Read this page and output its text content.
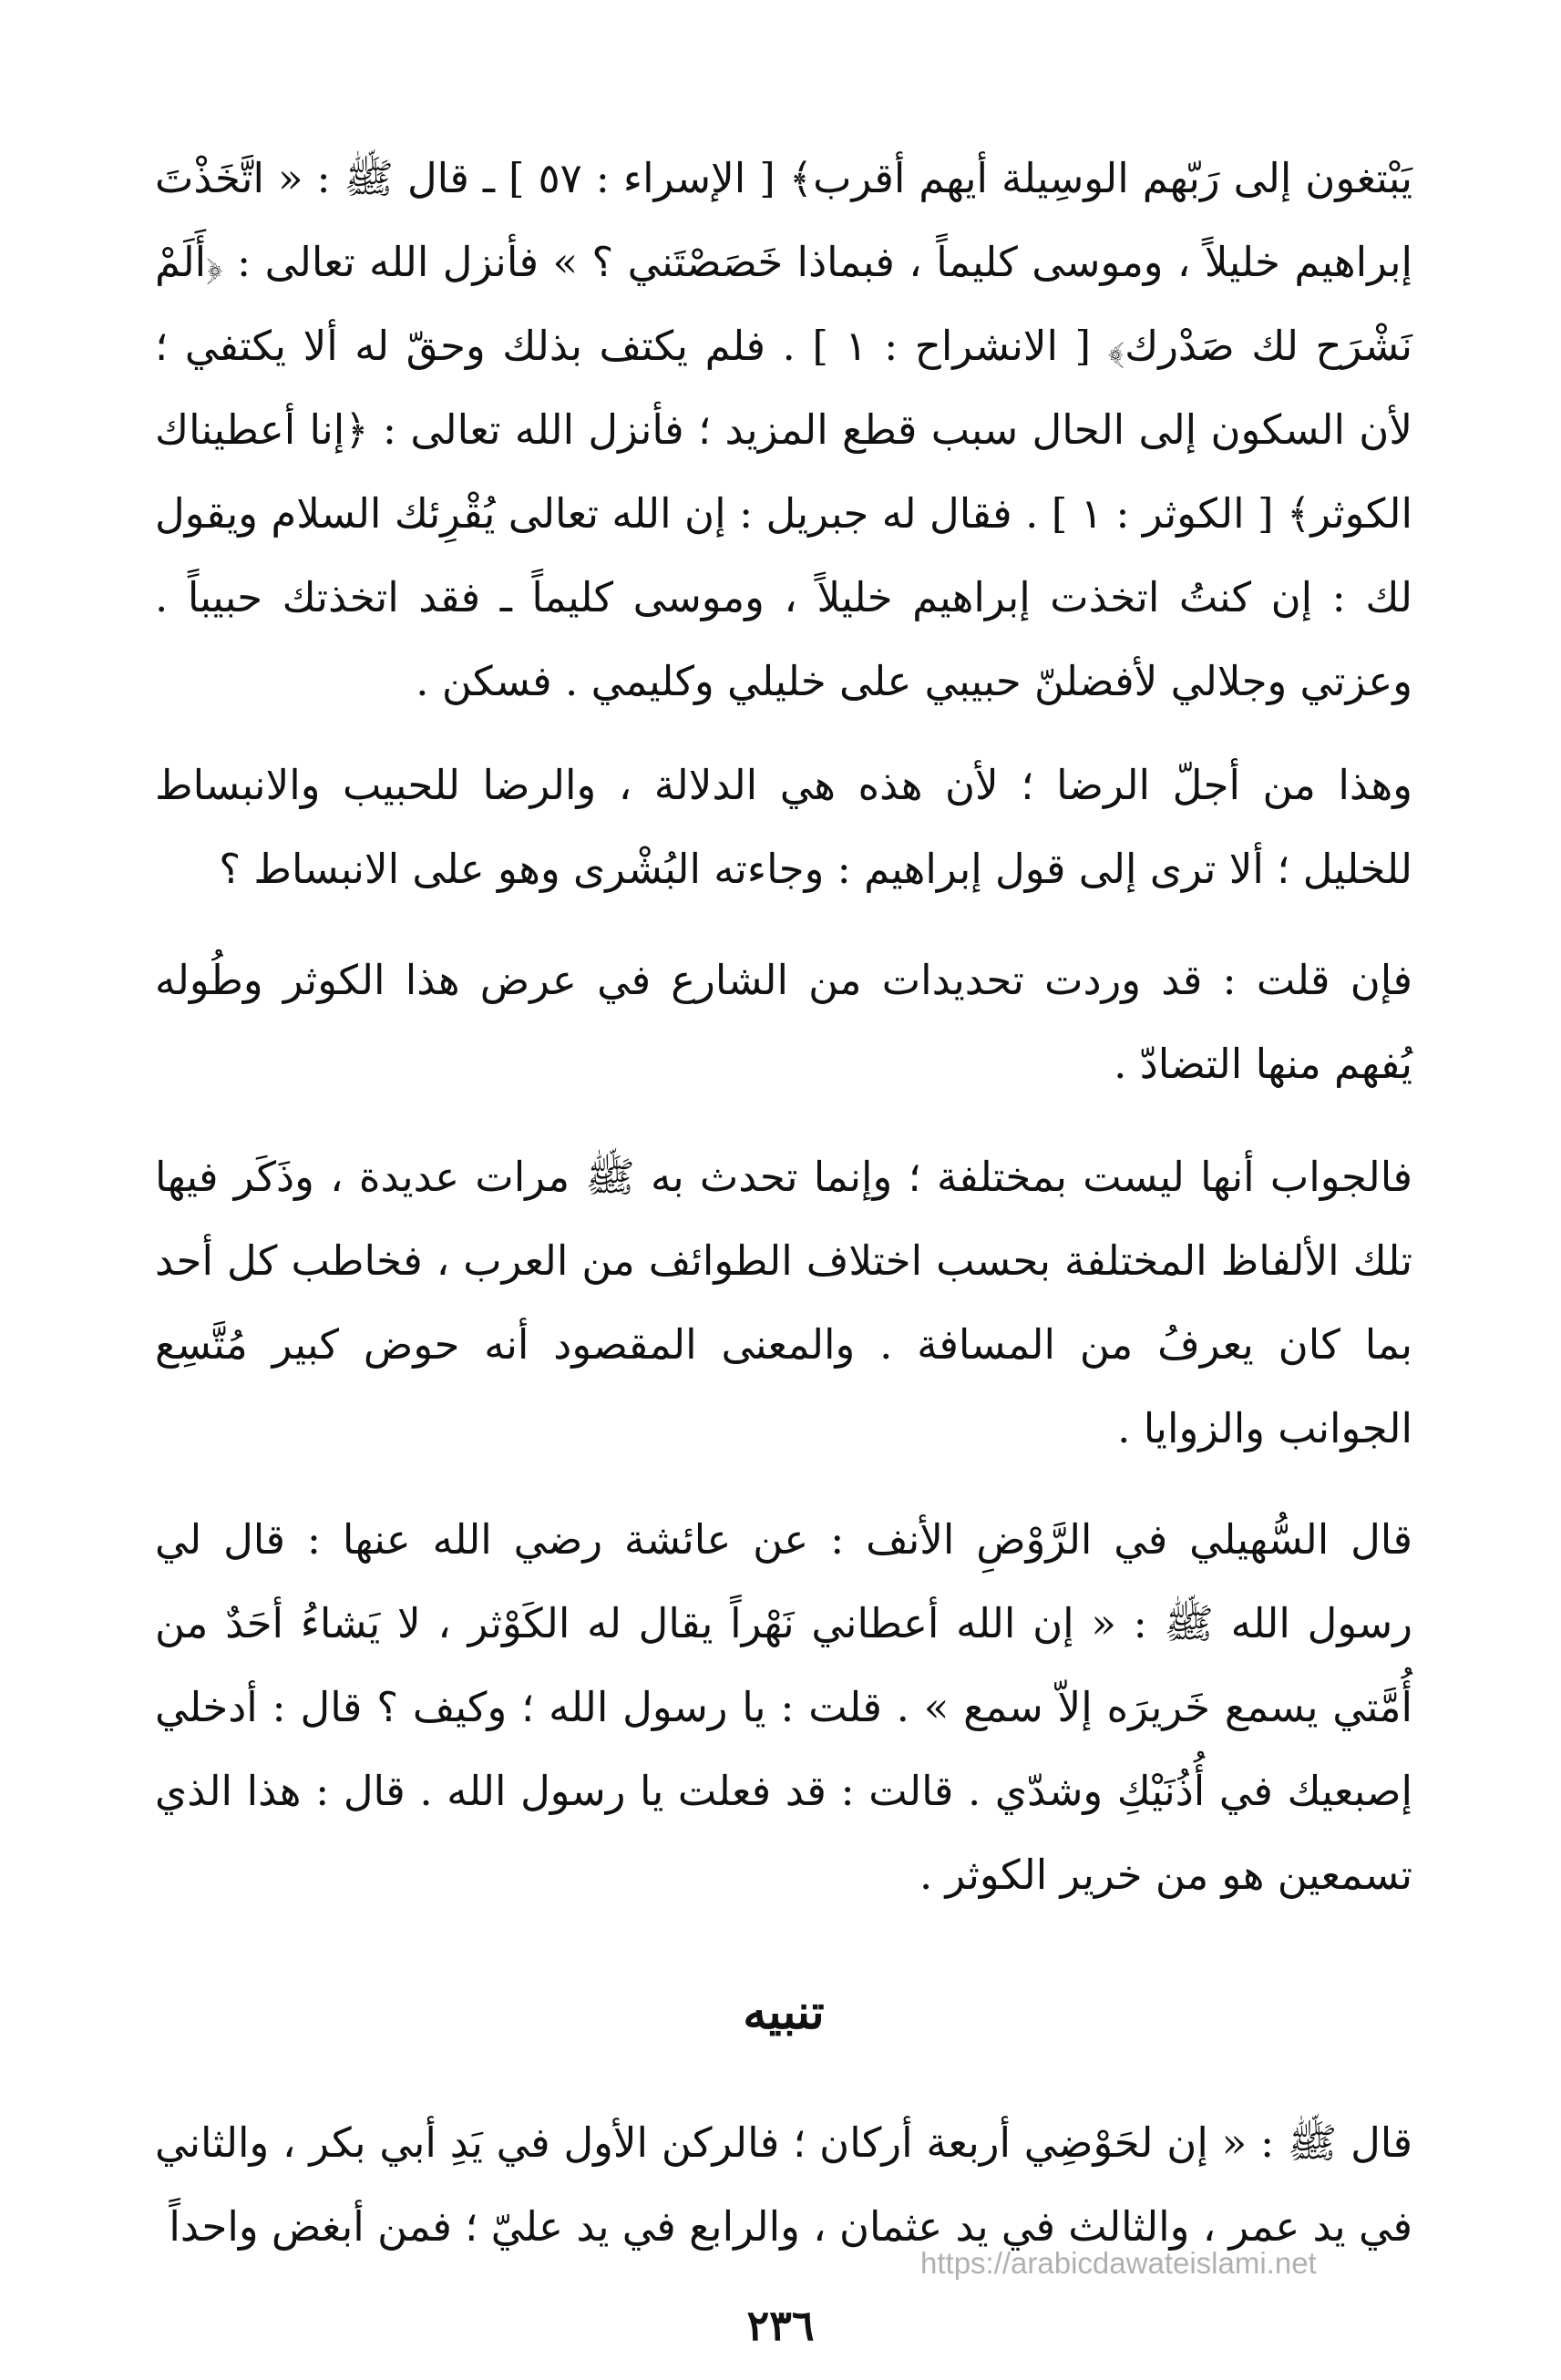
يَبْتغون إلى رَبّهم الوسِيلة أيهم أقرب﴾ [ الإسراء : ٥٧ ] ـ قال ﷺ : « اتَّخَذْتَ إبراهيم خليلاً ، وموسى كليماً ، فبماذا خَصَصْتَني ؟ » فأنزل الله تعالى : ﴿أَلَمْ نَشْرَح لك صَدْرك﴾ [ الانشراح : ١ ] . فلم يكتف بذلك وحقّ له ألا يكتفي ؛ لأن السكون إلى الحال سبب قطع المزيد ؛ فأنزل الله تعالى : ﴿إنا أعطيناك الكوثر﴾ [ الكوثر : ١ ] . فقال له جبريل : إن الله تعالى يُقْرِئك السلام ويقول لك : إن كنتُ اتخذت إبراهيم خليلاً ، وموسى كليماً ـ فقد اتخذتك حبيباً . وعزتي وجلالي لأفضلنّ حبيبي على خليلي وكليمي . فسكن .

وهذا من أجلّ الرضا ؛ لأن هذه هي الدلالة ، والرضا للحبيب والانبساط للخليل ؛ ألا ترى إلى قول إبراهيم : وجاءته البُشْرى وهو على الانبساط ؟

فإن قلت : قد وردت تحديدات من الشارع في عرض هذا الكوثر وطُوله يُفهم منها التضادّ .

فالجواب أنها ليست بمختلفة ؛ وإنما تحدث به ﷺ مرات عديدة ، وذَكَر فيها تلك الألفاظ المختلفة بحسب اختلاف الطوائف من العرب ، فخاطب كل أحد بما كان يعرفُ من المسافة . والمعنى المقصود أنه حوض كبير مُتَّسِع الجوانب والزوايا .

قال السُّهيلي في الرَّوْضِ الأنف : عن عائشة رضي الله عنها : قال لي رسول الله ﷺ : « إن الله أعطاني نَهْراً يقال له الكَوْثر ، لا يَشاءُ أحَدٌ من أُمَّتي يسمع خَريرَه إلاّ سمع » . قلت : يا رسول الله ؛ وكيف ؟ قال : أدخلي إصبعيك في أُذُنَيْكِ وشدّي . قالت : قد فعلت يا رسول الله . قال : هذا الذي تسمعين هو من خرير الكوثر .

تنبيه

قال ﷺ : « إن لحَوْضِي أربعة أركان ؛ فالركن الأول في يَدِ أبي بكر ، والثاني في يد عمر ، والثالث في يد عثمان ، والرابع في يد عليّ ؛ فمن أبغض واحداً

https://arabicdawateislami.net
٢٣٦
